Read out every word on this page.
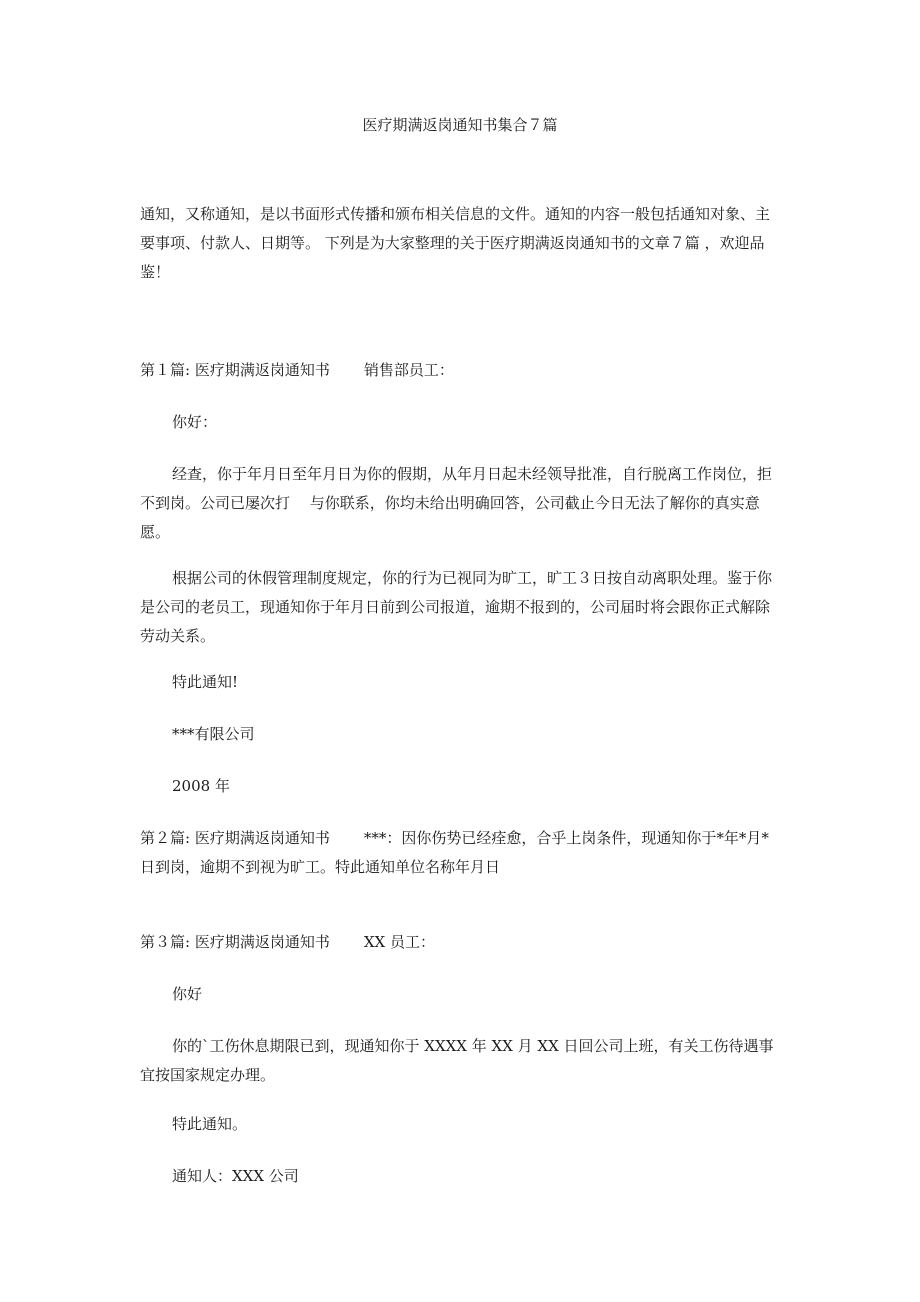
医疗期满返岗通知书集合７篇

通知，又称通知，是以书面形式传播和颁布相关信息的文件。通知的内容一般包括通知对象、主要事项、付款人、日期等。 下列是为大家整理的关于医疗期满返岗通知书的文章７篇 ，欢迎品鉴！

第１篇: 医疗期满返岗通知书 销售部员工：

你好：

经查，你于年月日至年月日为你的假期，从年月日起未经领导批准，自行脱离工作岗位，拒不到岗。公司已屡次打　 与你联系，你均未给出明确回答，公司截止今日无法了解你的真实意愿。

根据公司的休假管理制度规定，你的行为已视同为旷工，旷工３日按自动离职处理。鉴于你是公司的老员工，现通知你于年月日前到公司报道，逾期不报到的，公司届时将会跟你正式解除劳动关系。

特此通知!

***有限公司

2008 年

第２篇: 医疗期满返岗通知书 ***：因你伤势已经痊愈，合乎上岗条件，现通知你于*年*月*日到岗，逾期不到视为旷工。特此通知单位名称年月日

第３篇: 医疗期满返岗通知书 XX 员工：

你好

你的`工伤休息期限已到，现通知你于 XXXX 年 XX 月 XX 日回公司上班，有关工伤待遇事宜按国家规定办理。

特此通知。

通知人：XXX 公司
